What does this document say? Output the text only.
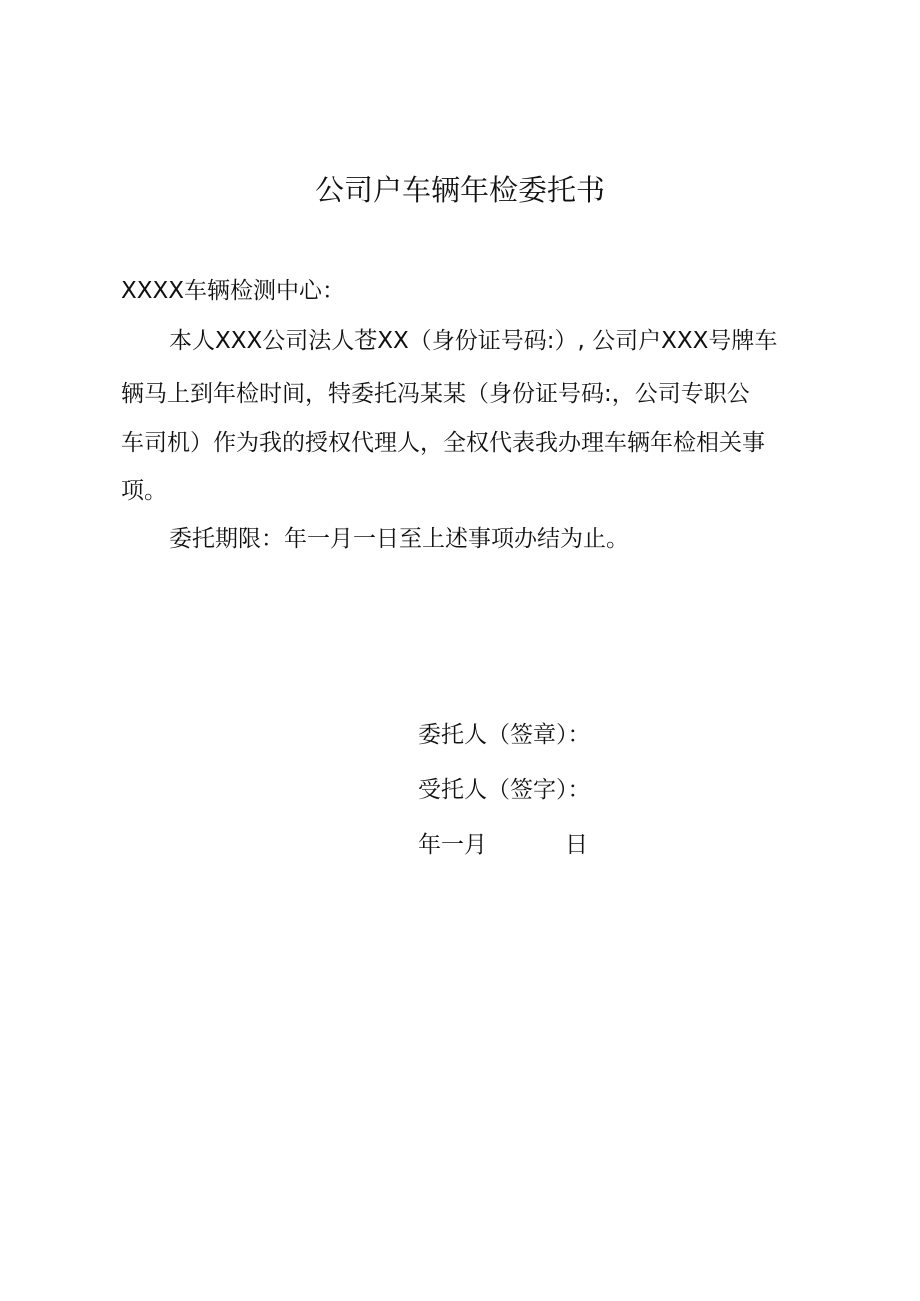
公司户车辆年检委托书

XXXX车辆检测中心：

本人XXX公司法人苍XX（身份证号码:）, 公司户XXX号牌车

辆马上到年检时间，特委托冯某某（身份证号码:，公司专职公

车司机）作为我的授权代理人，全权代表我办理车辆年检相关事

项。

委托期限：年一月一日至上述事项办结为止。

委托人（签章）：

受托人（签字）：

年一月	日
